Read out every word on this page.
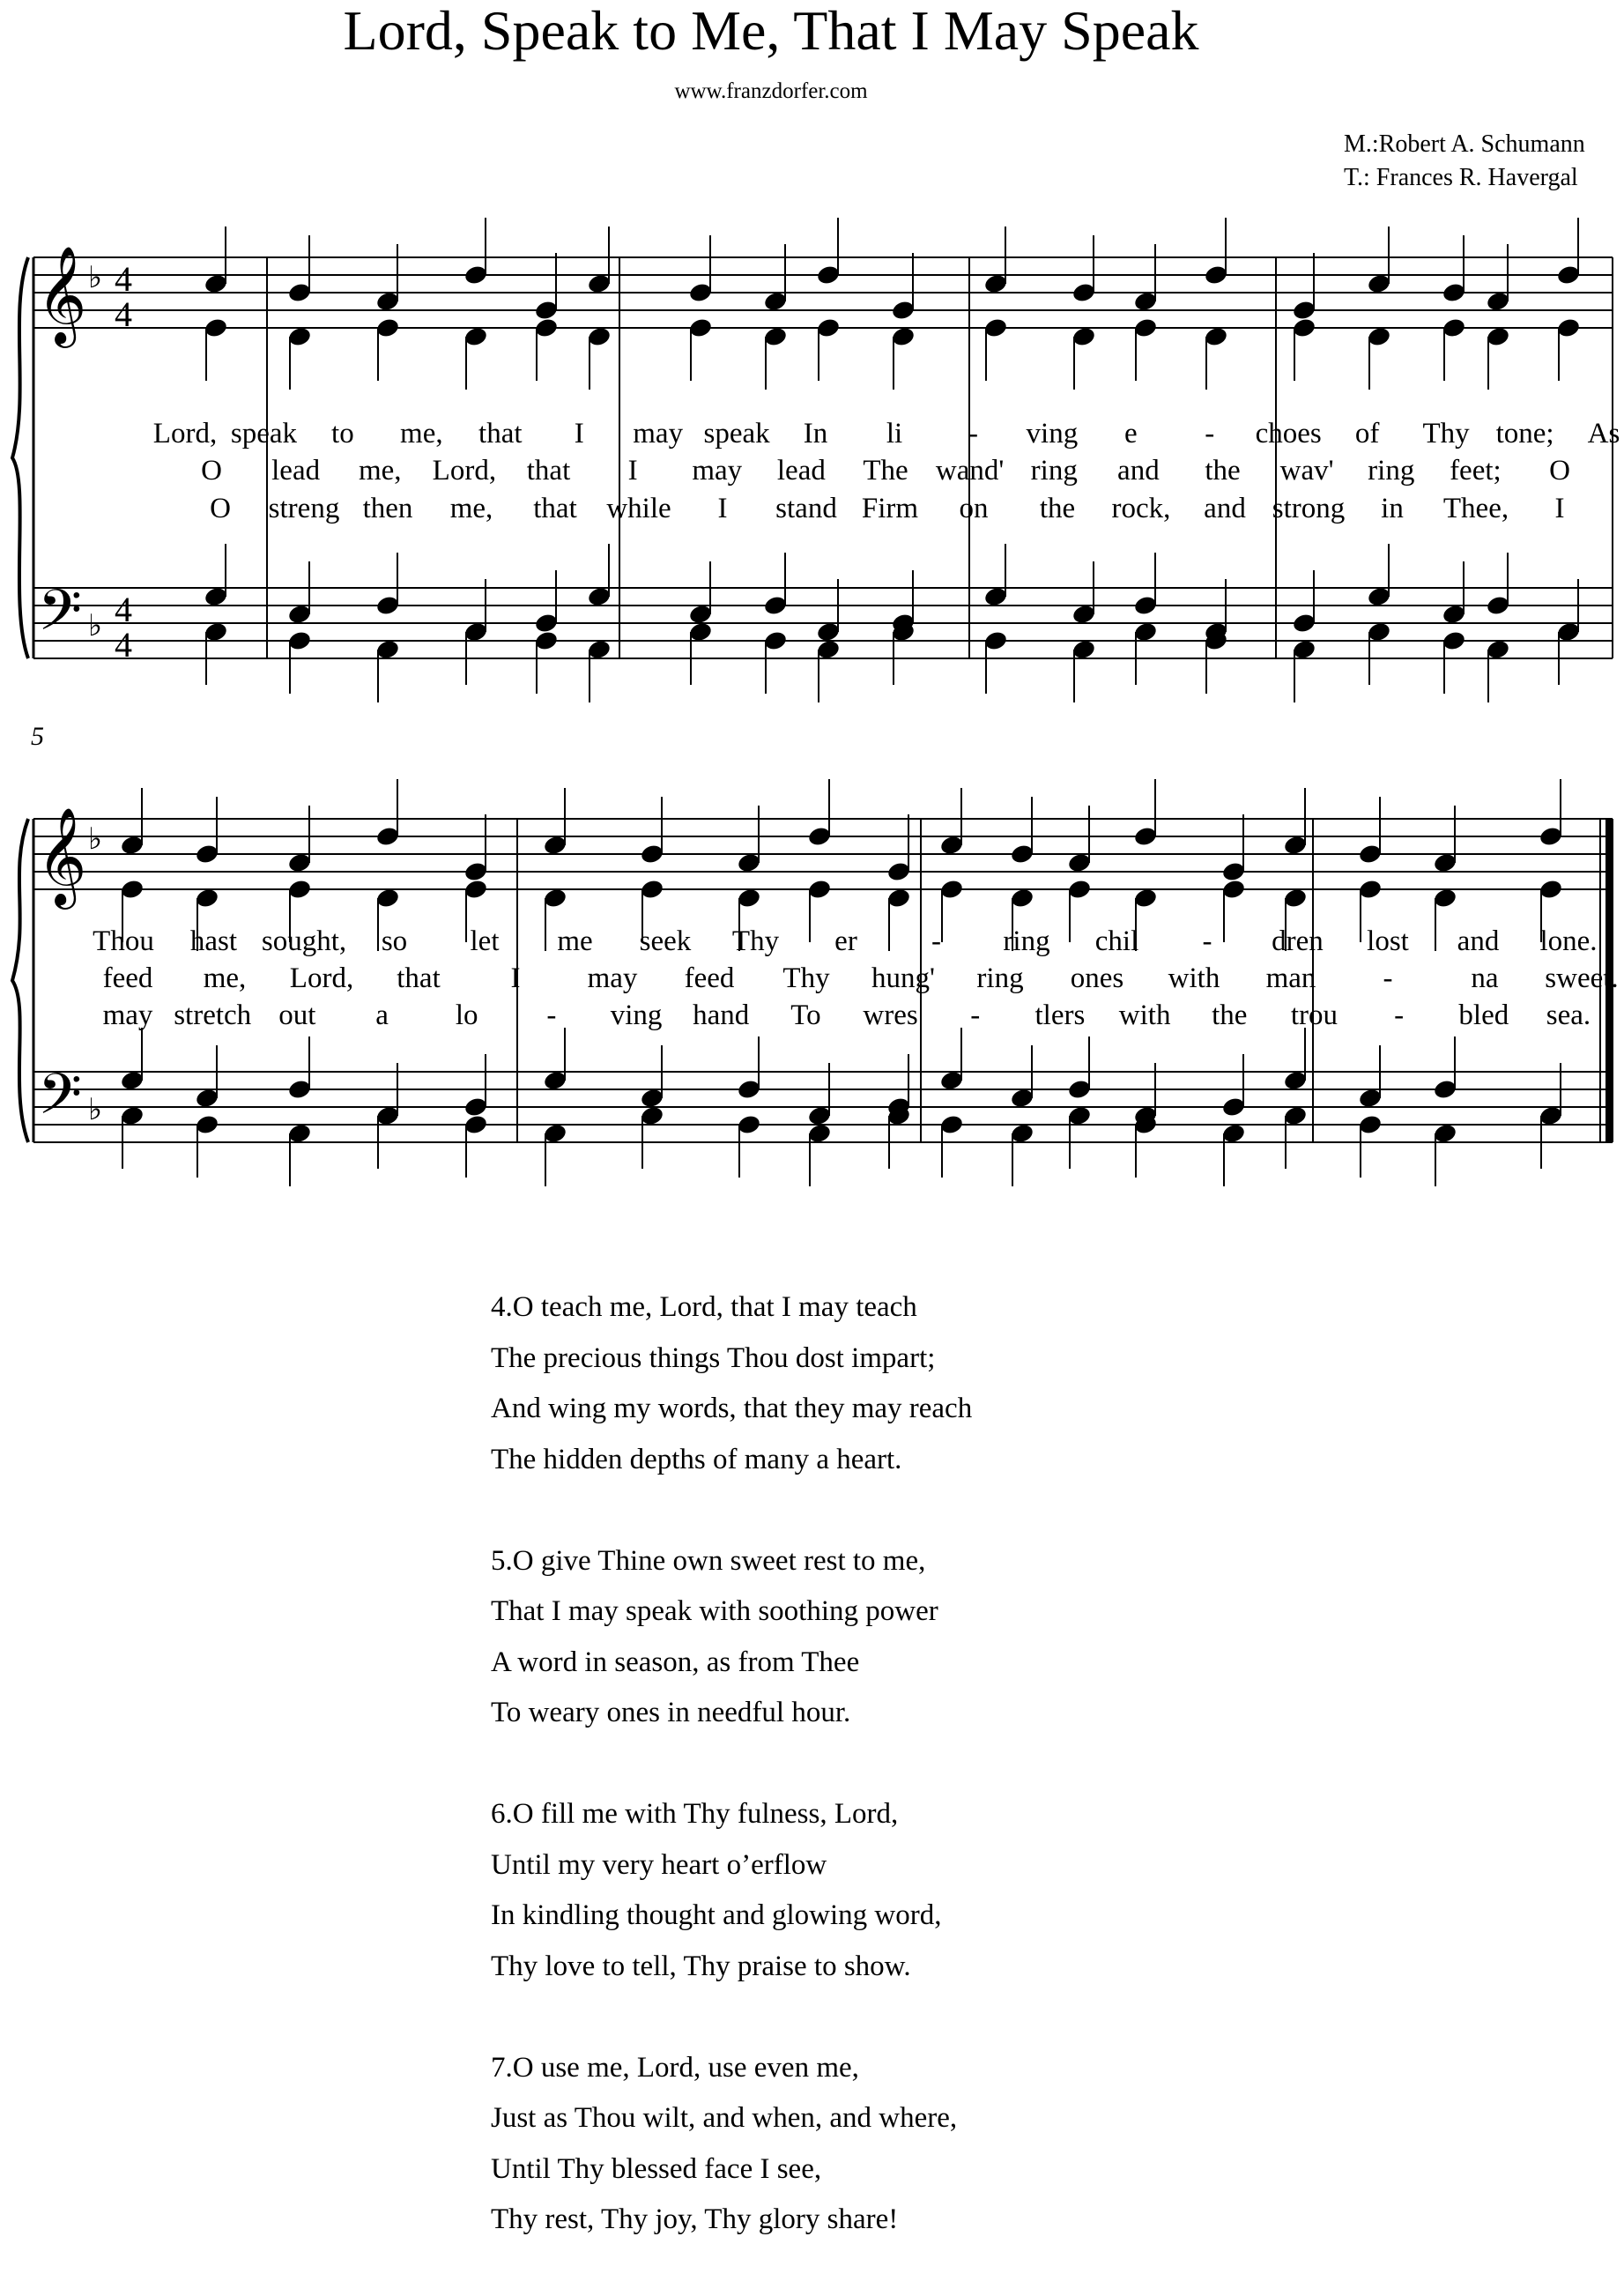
Lord, Speak to Me, That I May Speak
www.franzdorfer.com
M.:Robert A. Schumann
T.: Frances R. Havergal
𝄞 ♭ 4
4
𝄢 ♭ 4
4
𝄞 ♭
𝄢 ♭
5
Lord, speak to me, that I may speak In li - ving e - choes of Thy tone; As
O lead me, Lord, that I may lead The wand' ring and the wav' ring feet; O
O streng then me, that while I stand Firm on the rock, and strong in Thee, I
Thou hast sought, so let me seek Thy er	- ring chil - dren lost and lone.
feed me, Lord, that I may feed Thy hung' ring ones with man -	na sweet.
may stretch out a lo - ving hand To wres - tlers with the trou - bled sea.
4.O teach me, Lord, that I may teach
The precious things Thou dost impart;
And wing my words, that they may reach
The hidden depths of many a heart.
5.O give Thine own sweet rest to me,
That I may speak with soothing power
A word in season, as from Thee
To weary ones in needful hour.
6.O fill me with Thy fulness, Lord,
Until my very heart o’erflow
In kindling thought and glowing word,
Thy love to tell, Thy praise to show.
7.O use me, Lord, use even me,
Just as Thou wilt, and when, and where,
Until Thy blessed face I see,
Thy rest, Thy joy, Thy glory share!
